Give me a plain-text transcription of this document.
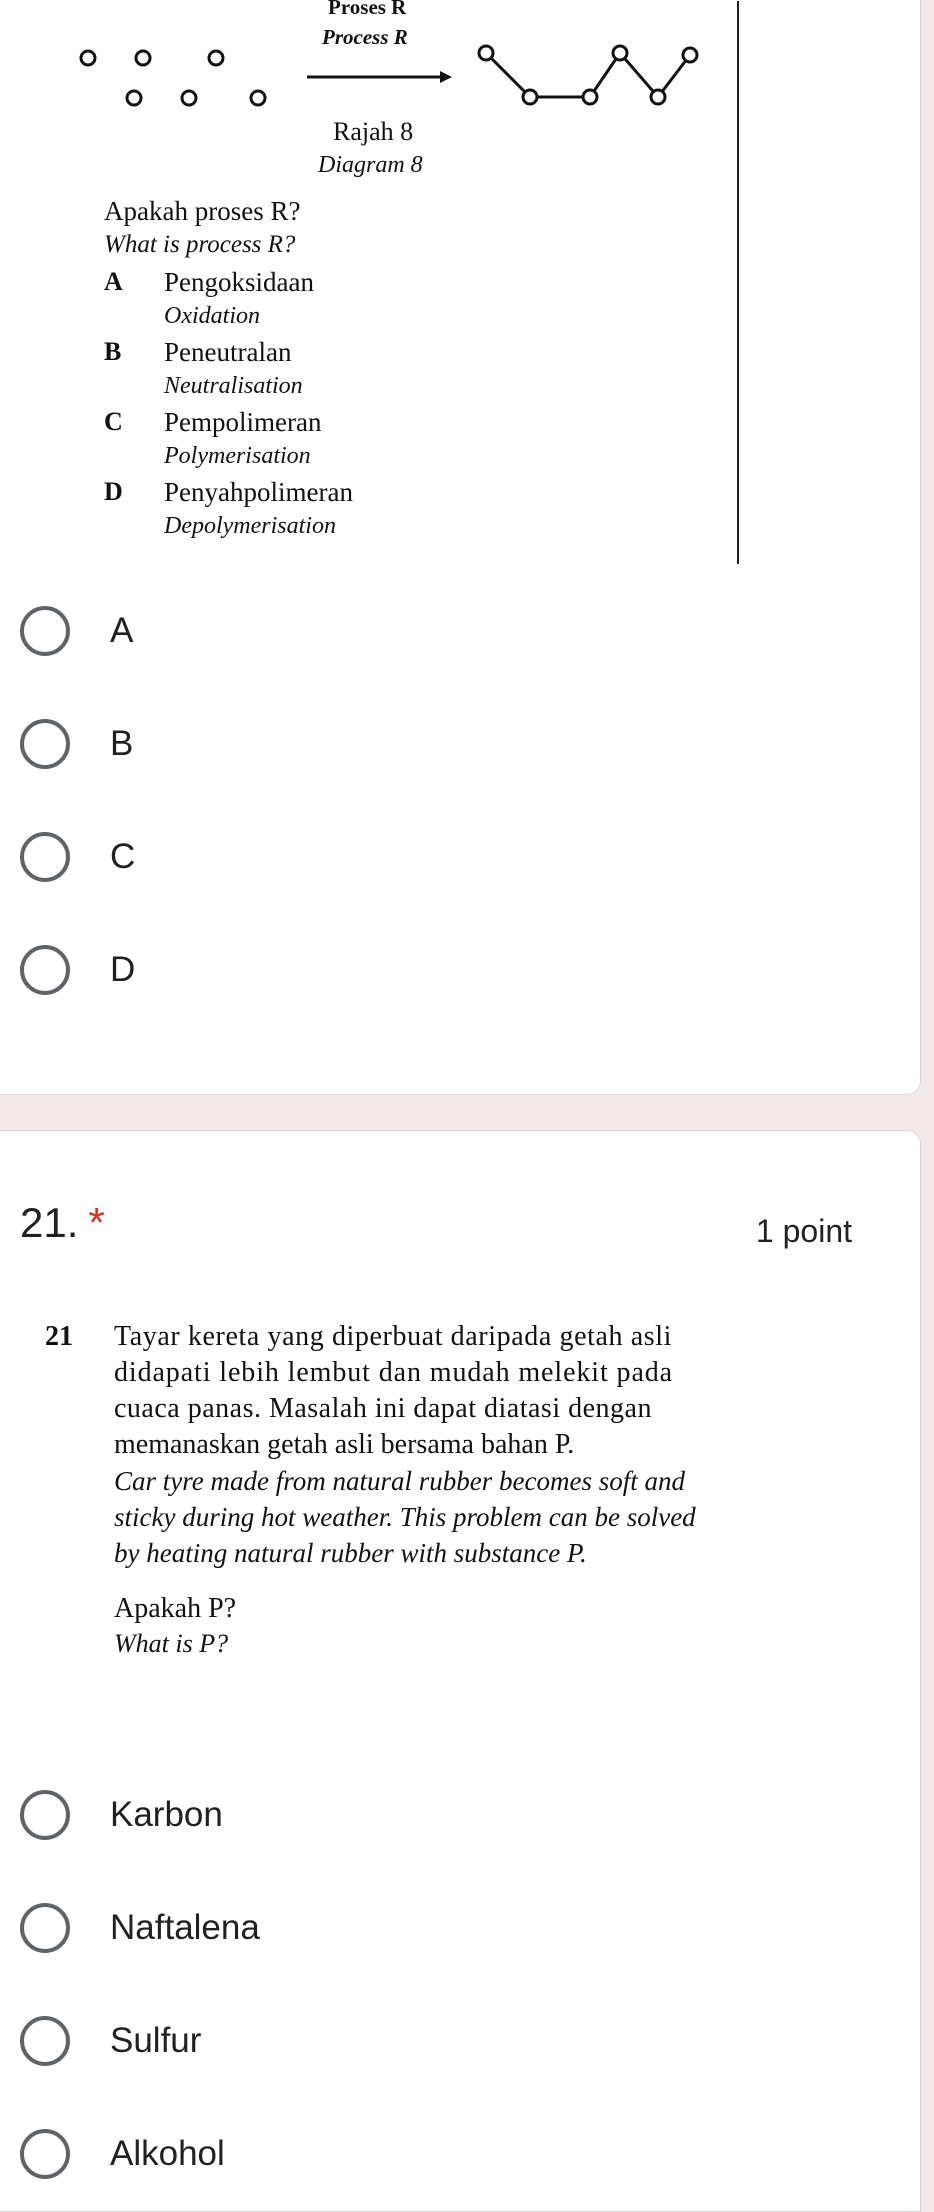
Proses R
Process R
Rajah 8
Diagram 8
Apakah proses R?
What is process R?
A Pengoksidaan
Oxidation
B Peneutralan
Neutralisation
C Pempolimeran
Polymerisation
D Penyahpolimeran
Depolymerisation
A
B
C
D
21. *	1 point
21 Tayar kereta yang diperbuat daripada getah asli
didapati lebih lembut dan mudah melekit pada
cuaca panas. Masalah ini dapat diatasi dengan
memanaskan getah asli bersama bahan P.
Car tyre made from natural rubber becomes soft and
sticky during hot weather. This problem can be solved
by heating natural rubber with substance P.
Apakah P?
What is P?
Karbon
Naftalena
Sulfur
Alkohol
